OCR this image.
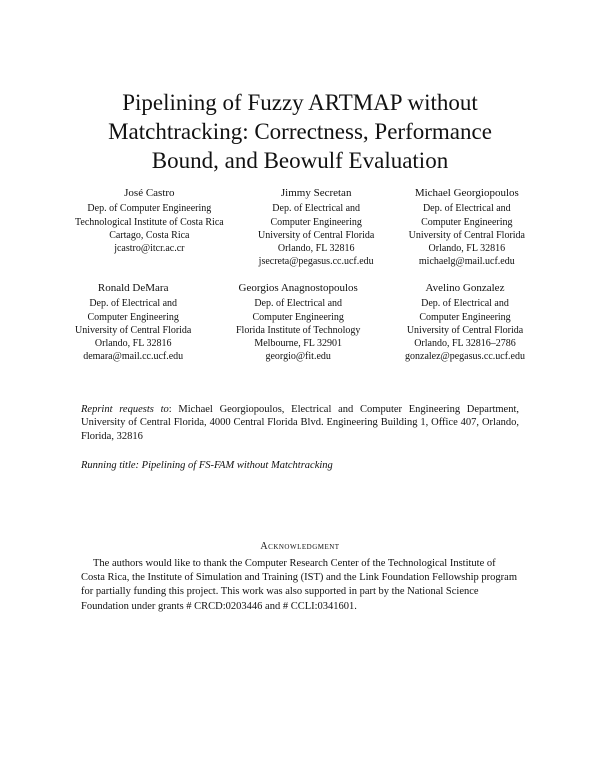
Pipelining of Fuzzy ARTMAP without
Matchtracking: Correctness, Performance
Bound, and Beowulf Evaluation
José Castro
Dep. of Computer Engineering
Technological Institute of Costa Rica
Cartago, Costa Rica
jcastro@itcr.ac.cr
Jimmy Secretan
Dep. of Electrical and
Computer Engineering
University of Central Florida
Orlando, FL 32816
jsecreta@pegasus.cc.ucf.edu
Michael Georgiopoulos
Dep. of Electrical and
Computer Engineering
University of Central Florida
Orlando, FL 32816
michaelg@mail.ucf.edu
Ronald DeMara
Dep. of Electrical and
Computer Engineering
University of Central Florida
Orlando, FL 32816
demara@mail.cc.ucf.edu
Georgios Anagnostopoulos
Dep. of Electrical and
Computer Engineering
Florida Institute of Technology
Melbourne, FL 32901
georgio@fit.edu
Avelino Gonzalez
Dep. of Electrical and
Computer Engineering
University of Central Florida
Orlando, FL 32816–2786
gonzalez@pegasus.cc.ucf.edu
Reprint requests to: Michael Georgiopoulos, Electrical and Computer Engineering Department, University of Central Florida, 4000 Central Florida Blvd. Engineering Building 1, Office 407, Orlando, Florida, 32816
Running title: Pipelining of FS-FAM without Matchtracking
Acknowledgment

The authors would like to thank the Computer Research Center of the Technological Institute of Costa Rica, the Institute of Simulation and Training (IST) and the Link Foundation Fellowship program for partially funding this project. This work was also supported in part by the National Science Foundation under grants # CRCD:0203446 and # CCLI:0341601.
